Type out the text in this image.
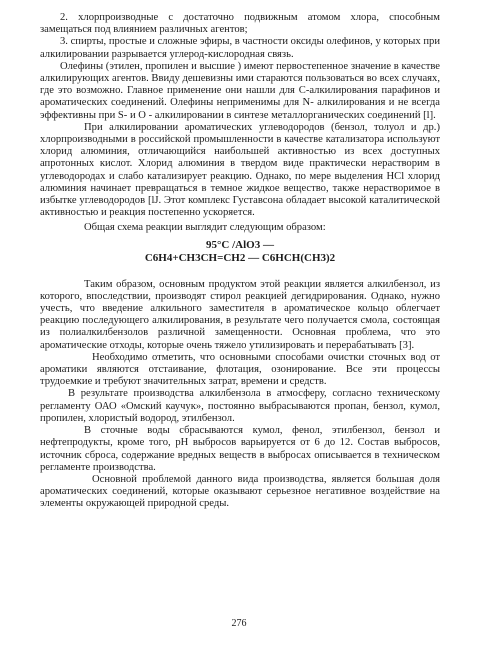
2. хлорпроизводные с достаточно подвижным атомом хлора, способным замещаться под влиянием различных агентов;

3. спирты, простые и сложные эфиры, в частности оксиды олефинов, у которых при алкилировании разрывается углерод-кислородная связь.

Олефины (этилен, пропилен и высшие ) имеют первостепенное значение в качестве алкилирующих агентов. Ввиду дешевизны ими стараются пользоваться во всех случаях, где это возможно. Главное применение они нашли для С-алкилирования парафинов и ароматических соединений. Олефины неприменимы для N- алкилирования и не всегда эффективны при S- и О - алкилировании в синтезе металлорганических соединений [l].

При алкилировании ароматических углеводородов (бензол, толуол и др.) хлорпроизводными в российской промышленности в качестве катализатора используют хлорид алюминия, отличающийся наибольшей активностью из всех доступных апротонных кислот. Хлорид алюминия в твердом виде практически нерастворим в углеводородах и слабо катализирует реакцию. Однако, по мере выделения НСl хлорид алюминия начинает превращаться в темное жидкое вещество, также нерастворимое в избытке углеводородов [lJ. Этот комплекс Густавсона обладает высокой каталитической активностью и реакция постепенно ускоряется.

Общая схема реакции выглядит следующим образом:

95°С /АlО3 —
С6Н4+СН3СН=СН2 — С6НСН(СН3)2

Таким образом, основным продуктом этой реакции является алкилбензол, из которого, впоследствии, производят стирол реакцией дегидрирования. Однако, нужно учесть, что введение алкильного заместителя в ароматическое кольцо облегчает реакцию последующего алкилирования, в результате чего получается смола, состоящая из полиалкилбензолов различной замещенности. Основная проблема, что это ароматические отходы, которые очень тяжело утилизировать и перерабатывать [3].

Необходимо отметить, что основными способами очистки сточных вод от ароматики являются отстаивание, флотация, озонирование. Все эти процессы трудоемкие и требуют значительных затрат, времени и средств.

В результате производства алкилбензола в атмосферу, согласно техническому регламенту ОАО «Омский каучук», постоянно выбрасываются пропан, бензол, кумол, пропилен, хлористый водород, этилбензол.

В сточные воды сбрасываются кумол, фенол, этилбензол, бензол и нефтепродукты, кроме того, рН выбросов варьируется от 6 до 12. Состав выбросов, источник сброса, содержание вредных веществ в выбросах описывается в техническом регламенте производства.

Основной проблемой данного вида производства, является большая доля ароматических соединений, которые оказывают серьезное негативное воздействие на элементы окружающей природной среды.

276
